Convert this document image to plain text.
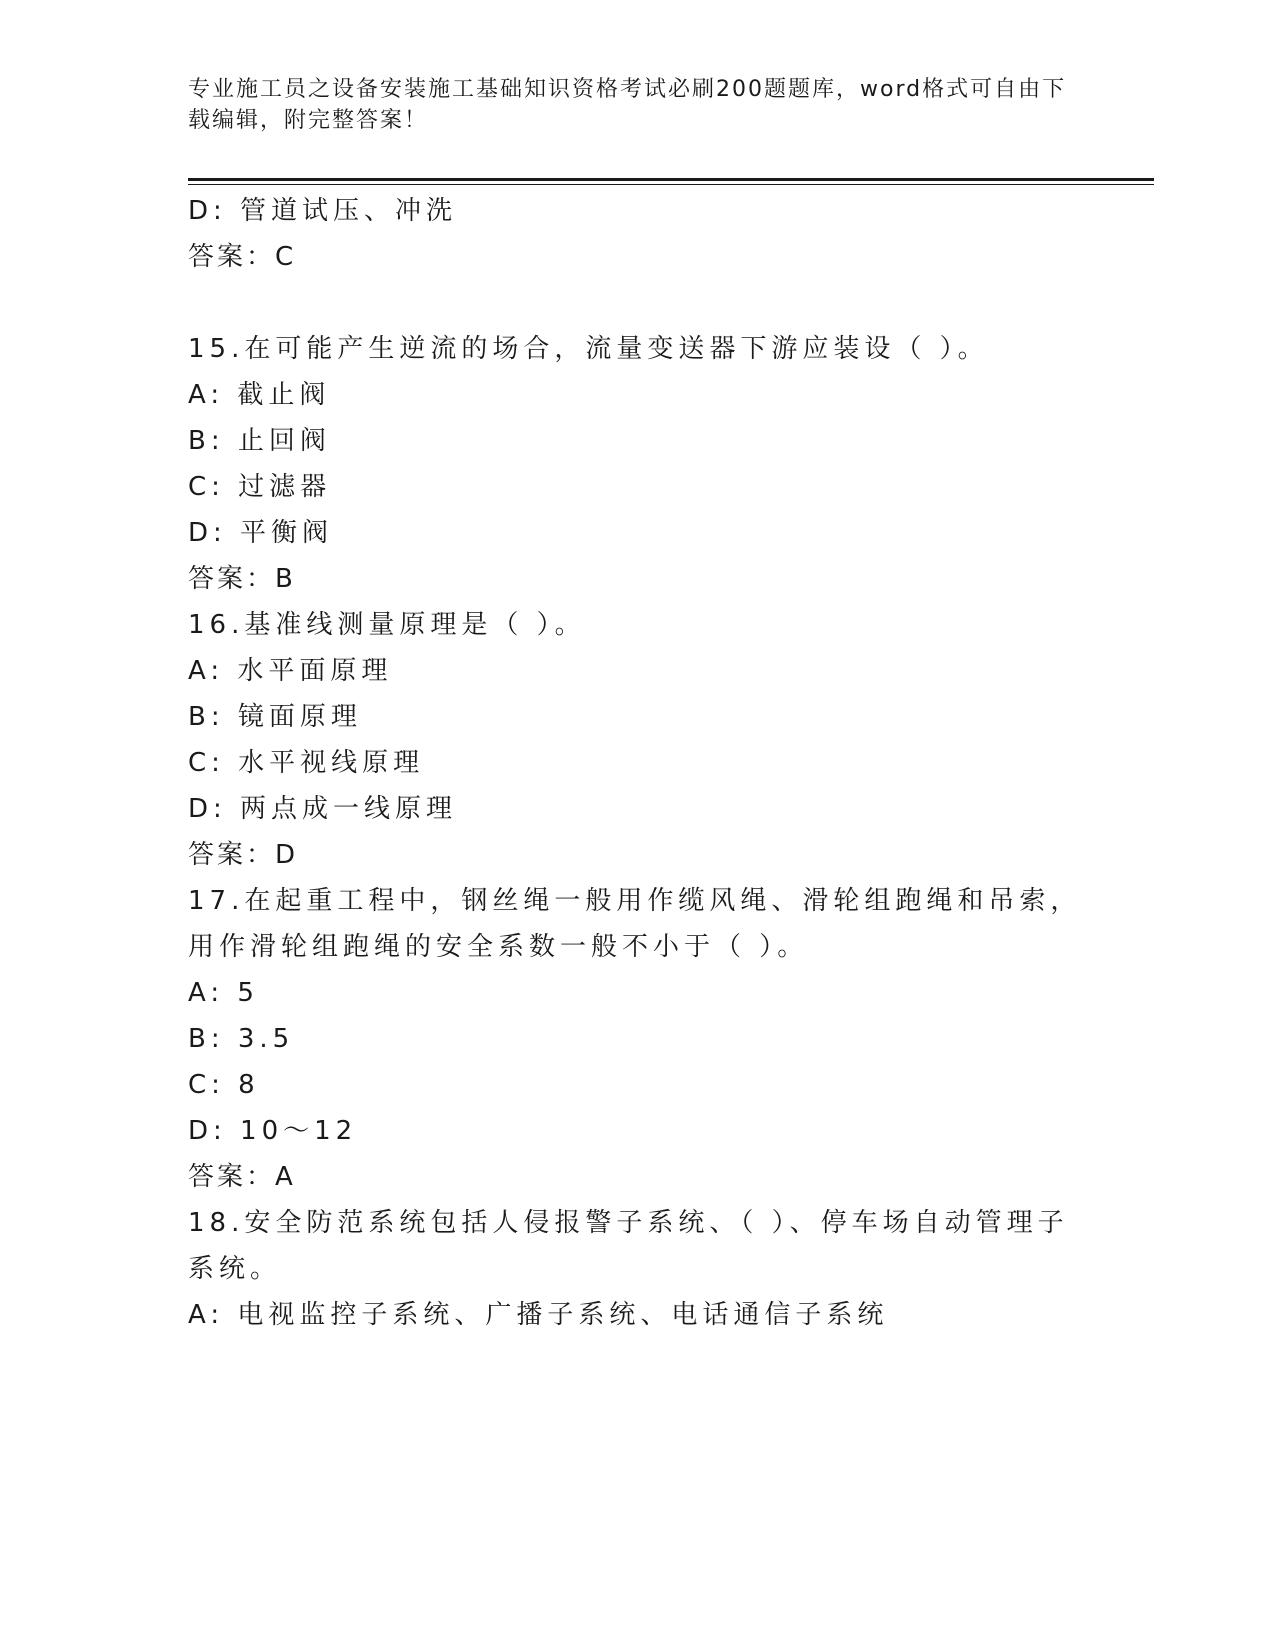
专业施工员之设备安装施工基础知识资格考试必刷200题题库，word格式可自由下载编辑，附完整答案！
D: 管道试压、冲洗
答案：C
15.在可能产生逆流的场合，流量变送器下游应装设（ ）。
A: 截止阀
B: 止回阀
C: 过滤器
D: 平衡阀
答案：B
16.基准线测量原理是（ ）。
A: 水平面原理
B: 镜面原理
C: 水平视线原理
D: 两点成一线原理
答案：D
17.在起重工程中，钢丝绳一般用作缆风绳、滑轮组跑绳和吊索，用作滑轮组跑绳的安全系数一般不小于（ ）。
A: 5
B: 3.5
C: 8
D: 10～12
答案：A
18.安全防范系统包括人侵报警子系统、（ ）、停车场自动管理子系统。
A: 电视监控子系统、广播子系统、电话通信子系统
